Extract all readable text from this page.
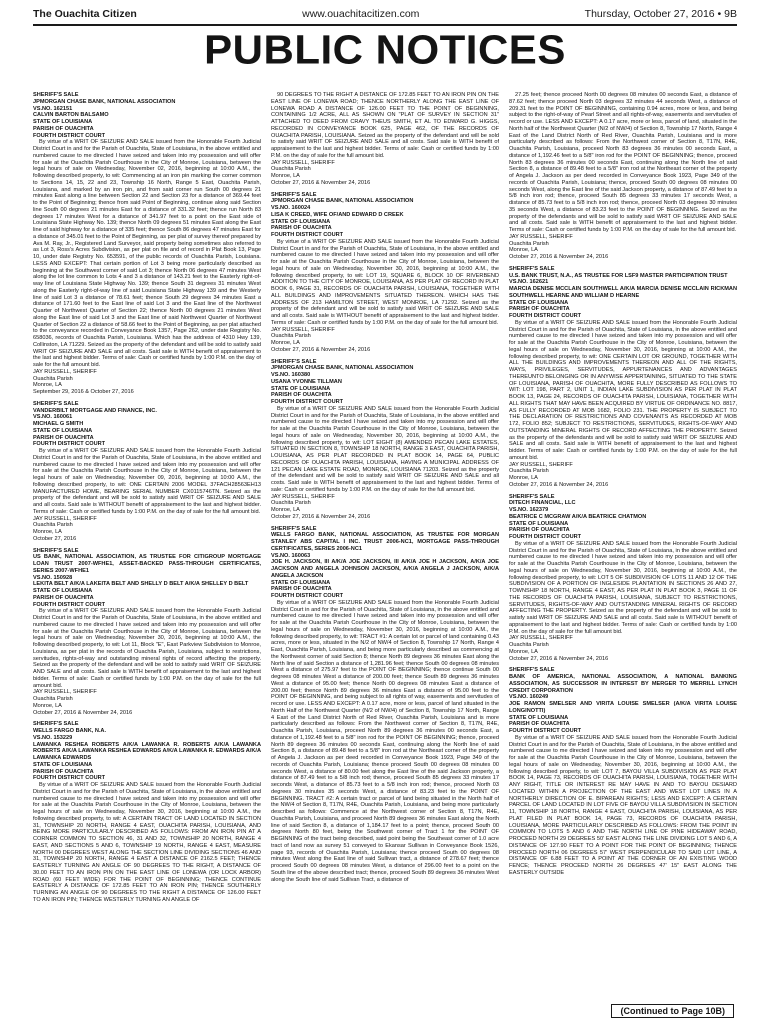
The Ouachita Citizen	www.ouachitacitizen.com	Thursday, October 27, 2016 • 9B
PUBLIC NOTICES
SHERIFF'S SALE
JPMORGAN CHASE BANK, NATIONAL ASSOCIATION
VS.NO. 162151
CALVIN BARTON BALSAMO
STATE OF LOUISIANA
PARISH OF OUACHITA
FOURTH DISTRICT COURT
By virtue of a WRIT OF SEIZURE AND SALE issued from the Honorable Fourth Judicial District Court in and for the Parish of Ouachita, State of Louisiana, in the above entitled and numbered cause to me directed I have seized and taken into my possession and will offer for sale at the Ouachita Parish Courthouse in the City of Monroe, Louisiana, between the legal hours of sale on Wednesday, November 02, 2016, beginning at 10:00 A.M., the following described property, to wit: Commencing at an iron pin marking the corner common to Sections 14, 15, 22 and 23, Township 16 North, Range 5 East, Ouachita Parish, Louisiana, and marked by an iron pin, and from said corner run South 00 degrees 21 minutes East along a line between Section 22 and Section 23 for a distance of 369.44 feet to the Point of Beginning; thence from said Point of Beginning, continue along said Section line South 00 degrees 21 minutes East for a distance of 331.32 feet; thence run North 83 degrees 17 minutes West for a distance of 341.97 feet to a point on the East side of Louisiana State Highway No. 139; thence North 09 degrees 51 minutes East along the East line of said highway for a distance of 335 feet; thence South 86 degrees 47 minutes East for a distance of 345.01 feet to the Point of Beginning, as per plat of survey thereof prepared by Ava M. Ray, Jr., Registered Land Surveyor, said property being sometimes also referred to as Lot 3, Ross's Acres Subdivision, as per plat on file and of record in Plat Book 13, Page 10, under date Registry No. 653591, of the public records of Ouachita Parish, Louisiana. LESS AND EXCEPT: That certain portion of Lot 3 being more particularly described as beginning at the Southwest corner of said Lot 3; thence North 06 degrees 47 minutes West along the lot line common to Lots 4 and 3 a distance of 143.21 feet to the Easterly right-of-way line of Louisiana State Highway No. 139; thence South 31 degrees 31 minutes West along the Easterly right-of-way line of said Louisiana State Highway 139 and the Westerly line of said Lot 3 a distance of 78.61 feet; thence South 29 degrees 34 minutes East a distance of 171.60 feet to the East line of said Lot 3 and the East line of the Northwest Quarter of Northwest Quarter of Section 22; thence North 00 degrees 21 minutes West along the East line of said Lot 3 and the East line of said Northwest Quarter of Northwest Quarter of Section 22 a distance of 58.66 feet to the Point of Beginning, as per plat attached to the conveyance recorded in Conveyance Book 1357, Page 262, under date Registry No. 658036, records of Ouachita Parish, Louisiana. Which has the address of 4310 Hwy 139, Collinston, LA 71229. Seized as the property of the defendant and will be sold to satisfy said WRIT OF SEIZURE AND SALE and all costs. Said sale is WITH benefit of appraisement to the last and highest bidder. Terms of sale: Cash or certified funds by 1:00 P.M. on the day of sale for the full amount bid.
JAY RUSSELL, SHERIFF
Ouachita Parish
Monroe, LA
September 29, 2016 & October 27, 2016
SHERIFF'S SALE
VANDERBILT MORTGAGE AND FINANCE, INC.
VS.NO. 160061
MICHAEL G SMITH
STATE OF LOUISIANA
PARISH OF OUACHITA
FOURTH DISTRICT COURT
By virtue of a WRIT OF SEIZURE AND SALE issued from the Honorable Fourth Judicial District Court in and for the Parish of Ouachita, State of Louisiana, in the above entitled and numbered cause to me directed I have seized and taken into my possession and will offer for sale at the Ouachita Parish Courthouse in the City of Monroe, Louisiana, between the legal hours of sale on Wednesday, November 09, 2016, beginning at 10:00 A.M., the following described property, to wit: ONE CERTAIN 2006 MODEL 37FACH28563EH13 MANUFACTURED HOME, BEARING SERIAL NUMBER CX0115746TN. Seized as the property of the defendant and will be sold to satisfy said WRIT OF SEIZURE AND SALE and all costs. Said sale is WITHOUT benefit of appraisement to the last and highest bidder. Terms of sale: Cash or certified funds by 1:00 P.M. on the day of sale for the full amount bid.
JAY RUSSELL, SHERIFF
Ouachita Parish
Monroe, LA
October 27, 2016
SHERIFF'S SALE
US BANK, NATIONAL ASSOCIATION, AS TRUSTEE FOR CITIGROUP MORTGAGE LOAN TRUST 2007-WFHE1, ASSET-BACKED PASS-THROUGH CERTIFICATES, SERIES 2007-WFHE1
VS.NO. 150928
LEKITA BELT A/K/A LAKEITA BELT AND SHELLY D BELT A/K/A SHELLEY D BELT
STATE OF LOUISIANA
PARISH OF OUACHITA
FOURTH DISTRICT COURT
By virtue of a WRIT OF SEIZURE AND SALE issued from the Honorable Fourth Judicial District Court in and for the Parish of Ouachita, State of Louisiana, in the above entitled and numbered cause to me directed I have seized and taken into my possession and will offer for sale at the Ouachita Parish Courthouse in the City of Monroe, Louisiana, between the legal hours of sale on Wednesday, November 30, 2016, beginning at 10:00 A.M., the following described property, to wit: Lot 11, Block "E", East Parkview Subdivision to Monroe, Louisiana, as per plat in the records of Ouachita Parish, Louisiana, subject to restrictions, servitudes, rights-of-way and outstanding mineral rights of record affecting the property. Seized as the property of the defendant and will be sold to satisfy said WRIT OF SEIZURE AND SALE and all costs. Said sale is WITH benefit of appraisement to the last and highest bidder. Terms of sale: Cash or certified funds by 1:00 P.M. on the day of sale for the full amount bid.
JAY RUSSELL, SHERIFF
Ouachita Parish
Monroe, LA
October 27, 2016 & November 24, 2016
SHERIFF'S SALE
WELLS FARGO BANK, N.A.
VS.NO. 153229
LAWANKA RESHEA ROBERTS A/K/A LAWANKA R. ROBERTS A/K/A LAWANKA ROBERTS A/K/A LAWANKA RESHEA EDWARDS A/K/A LAWANKA R. EDWARDS A/K/A LAWANKA EDWARDS
STATE OF LOUISIANA
PARISH OF OUACHITA
FOURTH DISTRICT COURT
By virtue of a WRIT OF SEIZURE AND SALE issued from the Honorable Fourth Judicial District Court in and for the Parish of Ouachita, State of Louisiana, in the above entitled and numbered cause to me directed I have seized and taken into my possession and will offer for sale at the Ouachita Parish Courthouse in the City of Monroe, Louisiana, between the legal hours of sale on Wednesday, November 30, 2016, beginning at 10:00 A.M., the following described property, to wit: A CERTAIN TRACT OF LAND LOCATED IN SECTION 31, TOWNSHIP 20 NORTH, RANGE 4 EAST, OUACHITA PARISH, LOUISIANA, AND BEING MORE PARTICULARLY DESCRIBED AS FOLLOWS: FROM AN IRON PIN AT A CORNER COMMON TO SECTION 46, 31 AND 32, TOWNSHIP 20 NORTH, RANGE 4 EAST, AND SECTIONS 5 AND 6, TOWNSHIP 19 NORTH, RANGE 4 EAST, MEASURE NORTH 00 DEGREES WEST ALONG THE SECTION LINE DIVIDING SECTIONS 46 AND 31, TOWNSHIP 20 NORTH, RANGE 4 EAST A DISTANCE OF 2162.5 FEET; THENCE EASTERLY TURNING AN ANGLE OF 90 DEGREES TO THE RIGHT, A DISTANCE OF 30.00 FEET TO AN IRON PIN ON THE EAST LINE OF LONEWA (OR LOCK ARBOR) ROAD (60 FEET WIDE) FOR THE POINT OF BEGINNING; THENCE CONTINUE EASTERLY A DISTANCE OF 172.85 FEET TO AN IRON PIN; THENCE SOUTHERLY TURNING AN ANGLE OF 90 DEGREES TO THE RIGHT A DISTANCE OF 126.00 FEET TO AN IRON PIN; THENCE WESTERLY TURNING AN ANGLE OF
90 DEGREES TO THE RIGHT A DISTANCE OF 172.85 FEET TO AN IRON PIN ON THE EAST LINE OF LONEWA ROAD; THENCE NORTHERLY ALONG THE EAST LINE OF LONEWA ROAD A DISTANCE OF 126.00 FEET TO THE POINT OF BEGINNING, CONTAINING 1/2 ACRE, ALL AS SHOWN ON "PLAT OF SURVEY IN SECTION 31" ATTACHED TO DEED FROM CRAVY THEUS SMITH, ET AL TO EDWARD G. HIGGS, RECORDED IN CONVEYANCE BOOK 625, PAGE 462, OF THE RECORDS OF OUACHITA PARISH, LOUISIANA. Seized as the property of the defendant and will be sold to satisfy said WRIT OF SEIZURE AND SALE and all costs. Said sale is WITH benefit of appraisement to the last and highest bidder. Terms of sale: Cash or certified funds by 1:00 P.M. on the day of sale for the full amount bid.
JAY RUSSELL, SHERIFF
Ouachita Parish
Monroe, LA
October 27, 2016 & November 24, 2016
SHERIFF'S SALE
JPMORGAN CHASE BANK, NATIONAL ASSOCIATION
VS.NO. 160024
LISA K CREED, WIFE OF/AND EDWARD D CREEK
STATE OF LOUISIANA
PARISH OF OUACHITA
FOURTH DISTRICT COURT
By virtue of a WRIT OF SEIZURE AND SALE issued from the Honorable Fourth Judicial District Court in and for the Parish of Ouachita, State of Louisiana, in the above entitled and numbered cause to me directed I have seized and taken into my possession and will offer for sale at the Ouachita Parish Courthouse in the City of Monroe, Louisiana, between the legal hours of sale on Wednesday, November 30, 2016, beginning at 10:00 A.M., the following described property, to wit: LOT 19, SQUARE 6, BLOCK 10 OF RIVERBEND ADDITION TO THE CITY OF MONROE, LOUISIANA, AS PER PLAT OF RECORD IN PLAT BOOK 6, PAGE 31, RECORDS OF OUACHITA PARISH, LOUISIANA, TOGETHER WITH ALL BUILDINGS AND IMPROVEMENTS SITUATED THEREON. WHICH HAS THE ADDRESS OF 213 HAMILTON STREET, WEST MONROE, LA 71292. Seized as the property of the defendant and will be sold to satisfy said WRIT OF SEIZURE AND SALE and all costs. Said sale is WITHOUT benefit of appraisement to the last and highest bidder. Terms of sale: Cash or certified funds by 1:00 P.M. on the day of sale for the full amount bid.
JAY RUSSELL, SHERIFF
Ouachita Parish
Monroe, LA
October 27, 2016 & November 24, 2016
SHERIFF'S SALE
JPMORGAN CHASE BANK, NATIONAL ASSOCIATION
VS.NO. 160380
USANA YVONNE TILLMAN
STATE OF LOUISIANA
PARISH OF OUACHITA
FOURTH DISTRICT COURT
By virtue of a WRIT OF SEIZURE AND SALE issued from the Honorable Fourth Judicial District Court in and for the Parish of Ouachita, State of Louisiana, in the above entitled and numbered cause to me directed I have seized and taken into my possession and will offer for sale at the Ouachita Parish Courthouse in the City of Monroe, Louisiana, between the legal hours of sale on Wednesday, November 30, 2016, beginning at 10:00 A.M., the following described property, to wit: LOT EIGHT (8) AMENDED PECAN LAKE ESTATES, SITUATED IN SECTION 8, TOWNSHIP 18 NORTH, RANGE 3 EAST, OUACHITA PARISH, LOUISIANA, AS PER PLAT RECORDED IN PLAT BOOK 14, PAGE 64, PUBLIC RECORDS OF OUACHITA PARISH, LOUISIANA, HAVING A MUNICIPAL ADDRESS OF 121 PECAN LAKE ESTATE ROAD, MONROE, LOUISIANA 71203. Seized as the property of the defendant and will be sold to satisfy said WRIT OF SEIZURE AND SALE and all costs. Said sale is WITH benefit of appraisement to the last and highest bidder. Terms of sale: Cash or certified funds by 1:00 P.M. on the day of sale for the full amount bid.
JAY RUSSELL, SHERIFF
Ouachita Parish
Monroe, LA
October 27, 2016 & November 24, 2016
SHERIFF'S SALE
WELLS FARGO BANK, NATIONAL ASSOCIATION, AS TRUSTEE FOR MORGAN STANLEY ABS CAPITAL I INC. TRUST 2006-NC1, MORTGAGE PASS-THROUGH CERTIFICATES, SERIES 2006-NC1
VS.NO. 160063
JOE H. JACKSON, III A/K/A JOE JACKSON, III A/K/A JOE H JACKSON, A/K/A JOE JACKSON AND ANGELA JOHNSON JACKSON, A/K/A ANGELA J JACKSON, A/K/A ANGELA JACKSON
STATE OF LOUISIANA
PARISH OF OUACHITA
FOURTH DISTRICT COURT
By virtue of a WRIT OF SEIZURE AND SALE issued from the Honorable Fourth Judicial District Court in and for the Parish of Ouachita, State of Louisiana, in the above entitled and numbered cause to me directed I have seized and taken into my possession and will offer for sale at the Ouachita Parish Courthouse in the City of Monroe, Louisiana, between the legal hours of sale on Wednesday, November 30, 2016, beginning at 10:00 A.M., the following described property, to wit: TRACT #1: A certain lot or parcel of land containing 0.43 acres, more or less, situated in the N/2 of NW/4 of Section 8, Township 17 North, Range 4 East, Ouachita Parish, Louisiana, and being more particularly described as commencing at the Northwest corner of said Section 8; thence North 89 degrees 36 minutes East along the North line of said Section a distance of 1,281.96 feet; thence South 00 degrees 08 minutes West a distance of 275.97 feet to the POINT OF BEGINNING; thence continue South 00 degrees 08 minutes West a distance of 200.00 feet; thence South 89 degrees 36 minutes West a distance of 95.00 feet; thence North 00 degrees 08 minutes East a distance of 200.00 feet; thence North 89 degrees 36 minutes East a distance of 95.00 feet to the POINT OF BEGINNING, and being subject to all rights of way, easements and servitudes of record or use. LESS AND EXCEPT: A 0.17 acre, more or less, parcel of land situated in the North Half of the Northwest Quarter (N/2 of NW/4) of Section 8, Township 17 North, Range 4 East of the Land District North of Red River, Ouachita Parish, Louisiana and is more particularly described as follows: From the Northwest corner of Section 8, T17N, R4E, Ouachita Parish, Louisiana, proceed North 89 degrees 36 minutes 00 seconds East, a distance of 1,192.48 feet to a 5/8" iron rod for the POINT OF BEGINNING; thence, proceed North 89 degrees 36 minutes 00 seconds East, continuing along the North line of said Section 8, a distance of 89.48 feet to a 5/8" iron rod at the Northeast corner of the property of Angela J. Jackson as per deed recorded in Conveyance Book 1923, Page 349 of the records of Ouachita Parish, Louisiana; thence proceed South 00 degrees 08 minutes 00 seconds West, a distance of 80.00 feet along the East line of the said Jackson property, a distance of 87.49 feet to a 5/8 inch rod; thence, proceed South 85 degrees 33 minutes 17 seconds West, a distance of 85.73 feet to a 5/8 inch iron rod; thence, proceed North 03 degrees 30 minutes 35 seconds West, a distance of 83.23 feet to the POINT OF BEGINNING. TRACT #2: A certain tract or parcel of land being situated in the North half of the NW/4 of Section 8, T17N, R4E, Ouachita Parish, Louisiana, and being more particularly described as follows: Commence at the Northwest corner of Section 8, T17N, R4E, Ouachita Parish, Louisiana, and proceed North 89 degrees 36 minutes East along the North line of said Section 8, a distance of 1,184.17 feet to a point; thence, proceed South 00 degrees North 80 feet, being the Southwest corner of Tract 1 for the POINT OF BEGINNING of the tract being described, said point being the Southeast corner of 1.0 acre tract of land now as survey 51 conveyed to Ekansar Sullivan in Conveyance Book 1526, page 93, records of Ouachita Parish, Louisiana; thence proceed South 00 degrees 08 minutes West along the East line of said Sullivan tract, a distance of 278.67 feet; thence proceed South 00 degrees 08 minutes West, a distance of 296.00 feet to a point on the South line of the above described tract; thence, proceed South 89 degrees 36 minutes West along the South line of said Sullivan Tract, a distance of
27.25 feet; thence proceed North 00 degrees 08 minutes 00 seconds East, a distance of 87.62 feet; thence proceed North 03 degrees 32 minutes 44 seconds West, a distance of 209.31 feet to the POINT OF BEGINNING, containing 0.94 acres, more or less, and being subject to the right-of-way of Pearl Street and all rights-of-way, easements and servitudes of record or use. LESS AND EXCEPT: A 0.17 acre, more or less, parcel of land, situated in the North half of the Northwest Quarter (N/2 of NW/4) of Section 8, Township 17 North, Range 4 East of the Land District North of Red River, Ouachita Parish, Louisiana and is more particularly described as follows: From the Northwest corner of Section 8, T17N, R4E, Ouachita Parish, Louisiana, proceed North 83 degrees 36 minutes 00 seconds East, a distance of 1,192.46 feet to a 5/8" iron rod for the POINT OF BEGINNING; thence, proceed North 83 degrees 36 minutes 00 seconds East, continuing along the North line of said Section 8, a distance of 89.48 feet to a 5/8" iron rod at the Northeast corner of the property of Angela J. Jackson as per deed recorded in Conveyance Book 1923, Page 349 of the records of Ouachita Parish, Louisiana; thence, proceed South 00 degrees 08 minutes 00 seconds West, along the East line of the said Jackson property, a distance of 87.49 feet to a 5/8 inch iron rod; thence, proceed South 85 degrees 33 minutes 17 seconds West, a distance of 85.73 feet to a 5/8 inch iron rod; thence, proceed North 03 degrees 30 minutes 35 seconds West, a distance of 83.23 feet to the POINT OF BEGINNING. Seized as the property of the defendants and will be sold to satisfy said WRIT OF SEIZURE AND SALE and all costs. Said sale is WITH benefit of appraisement to the last and highest bidder. Terms of sale: Cash or certified funds by 1:00 P.M. on the day of sale for the full amount bid.
JAY RUSSELL, SHERIFF
Ouachita Parish
Monroe, LA
October 27, 2016 & November 24, 2016
SHERIFF'S SALE
U.S. BANK TRUST, N.A., AS TRUSTEE FOR LSF9 MASTER PARTICIPATION TRUST
VS.NO. 162621
MARCIA DENISE MCCLAIN SOUTHWELL A/K/A MARCIA DENISE MCCLAIN RICKMAN SOUTHWELL HEARNE AND WILLIAM D HEARNE
STATE OF LOUISIANA
PARISH OF OUACHITA
FOURTH DISTRICT COURT
By virtue of a WRIT OF SEIZURE AND SALE issued from the Honorable Fourth Judicial District Court in and for the Parish of Ouachita, State of Louisiana, in the above entitled and numbered cause to me directed I have seized and taken into my possession and will offer for sale at the Ouachita Parish Courthouse in the City of Monroe, Louisiana, between the legal hours of sale on Wednesday, November 30, 2016, beginning at 10:00 A.M., the following described property, to wit: ONE CERTAIN LOT OR GROUND, TOGETHER WITH ALL THE BUILDINGS AND IMPROVEMENTS THEREON AND ALL OF THE RIGHTS, WAYS, PRIVILEGES, SERVITUDES, APPURTENANCES AND ADVANTAGES THEREUNTO BELONGING OR IN ANYWISE APPERTAINING, SITUATED TO THE STATE OF LOUISIANA, PARISH OF OUACHITA, MORE FULLY DESCRIBED AS FOLLOWS TO WIT: LOT 198, PART 2, UNIT 1, INDIAN LAKE SUBDIVISION AS PER PLAT IN PLAT BOOK 13, PAGE 24, RECORDS OF OUACHITA PARISH, LOUISIANA, TOGETHER WITH ALL RIGHTS THAT MAY HAVE BEEN ACQUIRED BY VIRTUE OF ORDINANCE NO. 8817, AS FULLY RECORDED AT MOB 1682, FOLIO 231. THE PROPERTY IS SUBJECT TO THE DECLARATION OF RESTRICTIONS AND COVENANTS AS RECORDED AT MOB 172, FOLIO 852; SUBJECT TO RESTRICTIONS, SERVITUDES, RIGHTS-OF-WAY AND OUTSTANDING MINERAL RIGHTS OF RECORD AFFECTING THE PROPERTY. Seized as the property of the defendants and will be sold to satisfy said WRIT OF SEIZURE AND SALE and all costs. Said sale is WITH benefit of appraisement to the last and highest bidder. Terms of sale: Cash or certified funds by 1:00 P.M. on the day of sale for the full amount bid.
JAY RUSSELL, SHERIFF
Ouachita Parish
Monroe, LA
October 27, 2016 & November 24, 2016
SHERIFF'S SALE
DITECH FINANCIAL, LLC
VS.NO. 162379
BEATRICE C MCGRAW A/K/A BEATRICE CHATMON
STATE OF LOUISIANA
PARISH OF OUACHITA
FOURTH DISTRICT COURT
By virtue of a WRIT OF SEIZURE AND SALE issued from the Honorable Fourth Judicial District Court in and for the Parish of Ouachita, State of Louisiana, in the above entitled and numbered cause to me directed I have seized and taken into my possession and will offer for sale at the Ouachita Parish Courthouse in the City of Monroe, Louisiana, between the legal hours of sale on Wednesday, November 30, 2016, beginning at 10:00 A.M., the following described property, to wit: LOT 5 OF SUBDIVISION OF LOTS 11 AND 12 OF THE SUBDIVISION OF A PORTION OF INGLESIDE PLANTATION IN SECTIONS 26 AND 27, TOWNSHIP 18 NORTH, RANGE 4 EAST, AS PER PLAT IN PLAT BOOK 3, PAGE 11 OF THE RECORDS OF OUACHITA PARISH, LOUISIANA, SUBJECT TO RESTRICTIONS, SERVITUDES, RIGHTS-OF-WAY AND OUTSTANDING MINERAL RIGHTS OF RECORD AFFECTING THE PROPERTY. Seized as the property of the defendant and will be sold to satisfy said WRIT OF SEIZURE AND SALE and all costs. Said sale is WITHOUT benefit of appraisement to the last and highest bidder. Terms of sale: Cash or certified funds by 1:00 P.M. on the day of sale for the full amount bid.
JAY RUSSELL, SHERIFF
Ouachita Parish
Monroe, LA
October 27, 2016 & November 24, 2016
SHERIFF'S SALE
BANK OF AMERICA, NATIONAL ASSOCIATION, A NATIONAL BANKING ASSOCIATION, AS SUCCESSOR IN INTEREST BY MERGER TO MERRILL LYNCH CREDIT CORPORATION
VS.NO. 160249
JOE RAMON SMELSER AND VIRITA LOUISE SMELSER (A/K/A VIRITA LOUISE LONGINOTTI)
STATE OF LOUISIANA
PARISH OF OUACHITA
FOURTH DISTRICT COURT
By virtue of a WRIT OF SEIZURE AND SALE issued from the Honorable Fourth Judicial District Court in and for the Parish of Ouachita, State of Louisiana, in the above entitled and numbered cause to me directed I have seized and taken into my possession and will offer for sale at the Ouachita Parish Courthouse in the City of Monroe, Louisiana, between the legal hours of sale on Wednesday, November 30, 2016, beginning at 10:00 A.M., the following described property, to wit: LOT 7, BAYOU VILLA SUBDIVISION AS PER PLAT BOOK 14, PAGE 73, RECORDS OF OUACHITA PARISH, LOUISIANA, TOGETHER WITH ANY RIGHT, TITLE OR INTEREST RE MAY HAVE IN AND TO BAYOU DESIARD LOCATED WITHIN A PROJECTION OF THE EAST AND WEST LOT LINES IN A NORTHERLY DIRECTION OF E. BIPAREAN RIGHTS; LESS AND EXCEPT: A CERTAIN PARCEL OF LAND LOCATED IN LOT FIVE OF BAYOU VILLA SUBDIVISION IN SECTION 11, TOWNSHIP 18 NORTH, RANGE 4 EAST, OUACHITA PARISH, LOUISIANA, AS PER PLAT FILED IN PLAT BOOK 14, PAGE 73, RECORDS OF OUACHITA PARISH, LOUISIANA, MORE PARTICULARLY DESCRIBED AS FOLLOWS: FROM THE POINT IN COMMON TO LOTS 5 AND 6 AND THE NORTH LINE OF PINE HIDEAWAY ROAD, PROCEED NORTH 29 DEGREES 50' EAST ALONG THE LINE DIVIDING LOT 5 AND 6, A DISTANCE OF 127.90 FEET TO A POINT FOR THE POINT OF BEGINNING; THENCE PROCEED NORTH 06 DEGREES 57' WEST PERPENDICULAR TO SAID LOT LINE, A DISTANCE OF 6.88 FEET TO A POINT AT THE CORNER OF AN EXISTING WOOD FENCE; THENCE PROCEED NORTH 26 DEGREES 47' 15" EAST ALONG THE EASTERLY OUTSIDE
(Continued to Page 10B)
